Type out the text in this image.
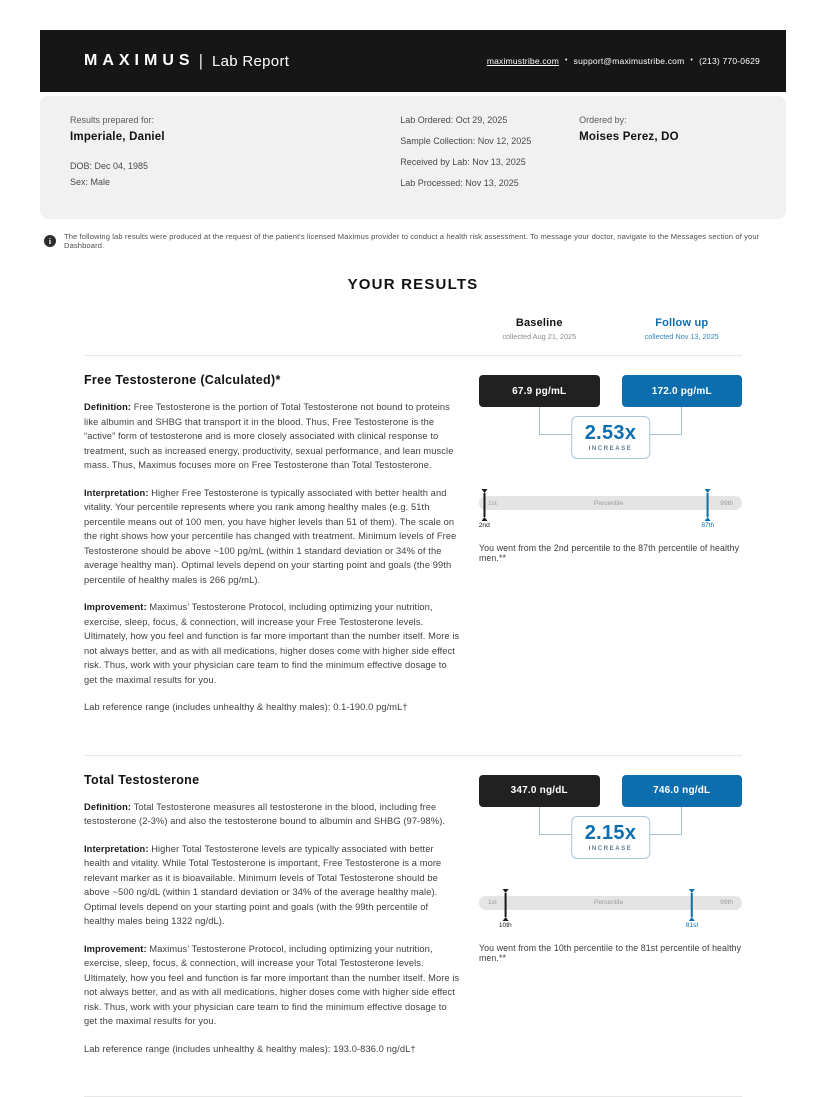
MAXIMUS | Lab Report	maximustribe.com • support@maximustribe.com • (213) 770-0629
Results prepared for:
Imperiale, Daniel
DOB: Dec 04, 1985
Sex: Male
Lab Ordered: Oct 29, 2025
Sample Collection: Nov 12, 2025
Received by Lab: Nov 13, 2025
Lab Processed: Nov 13, 2025
Ordered by:
Moises Perez, DO
i	The following lab results were produced at the request of the patient's licensed Maximus provider to conduct a health risk assessment. To message your doctor, navigate to the Messages section of your Dashboard.

YOUR RESULTS
Baseline
collected Aug 21, 2025
Follow up
collected Nov 13, 2025
Free Testosterone (Calculated)*

Definition: Free Testosterone is the portion of Total Testosterone not bound to proteins like albumin and SHBG that transport it in the blood. Thus, Free Testosterone is the “active” form of testosterone and is more closely associated with clinical response to treatment, such as increased energy, productivity, sexual performance, and lean muscle mass. Thus, Maximus focuses more on Free Testosterone than Total Testosterone.

Interpretation: Higher Free Testosterone is typically associated with better health and vitality. Your percentile represents where you rank among healthy males (e.g. 51th percentile means out of 100 men, you have higher levels than 51 of them). The scale on the right shows how your percentile has changed with treatment. Minimum levels of Free Testosterone should be above ~100 pg/mL (within 1 standard deviation or 34% of the average healthy man). Optimal levels depend on your starting point and goals (the 99th percentile of healthy males is 266 pg/mL).

Improvement: Maximus’ Testosterone Protocol, including optimizing your nutrition, exercise, sleep, focus, & connection, will increase your Free Testosterone levels. Ultimately, how you feel and function is far more important than the number itself. More is not always better, and as with all medications, higher doses come with higher side effect risk. Thus, work with your physician care team to find the minimum effective dosage to get the maximal results for you.

Lab reference range (includes unhealthy & healthy males): 0.1-190.0 pg/mL†

67.9 pg/mL	172.0 pg/mL
2.53x
INCREASE
1st	Percentile	99th
2nd	87th

You went from the 2nd percentile to the 87th percentile of healthy men.**

Total Testosterone

Definition: Total Testosterone measures all testosterone in the blood, including free testosterone (2-3%) and also the testosterone bound to albumin and SHBG (97-98%).

Interpretation: Higher Total Testosterone levels are typically associated with better health and vitality. While Total Testosterone is important, Free Testosterone is a more relevant marker as it is bioavailable. Minimum levels of Total Testosterone should be above ~500 ng/dL (within 1 standard deviation or 34% of the average healthy male). Optimal levels depend on your starting point and goals (with the 99th percentile of healthy males being 1322 ng/dL).

Improvement: Maximus’ Testosterone Protocol, including optimizing your nutrition, exercise, sleep, focus, & connection, will increase your Total Testosterone levels. Ultimately, how you feel and function is far more important than the number itself. More is not always better, and as with all medications, higher doses come with higher side effect risk. Thus, work with your physician care team to find the minimum effective dosage to get the maximal results for you.

Lab reference range (includes unhealthy & healthy males): 193.0-836.0 ng/dL†

347.0 ng/dL	746.0 ng/dL
2.15x
INCREASE
1st	Percentile	99th
10th	81st

You went from the 10th percentile to the 81st percentile of healthy men.**
